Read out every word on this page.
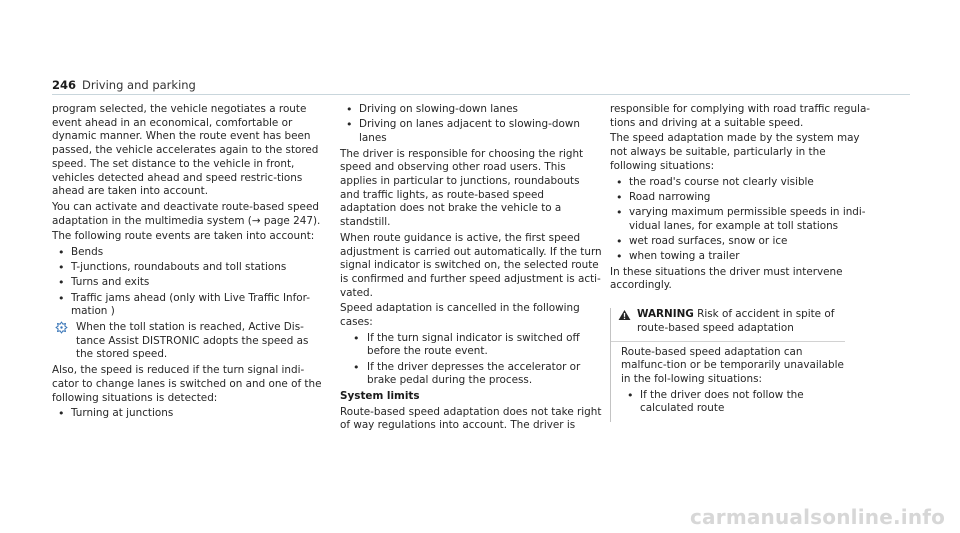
246 Driving and parking

program selected, the vehicle negotiates a route event ahead in an economical, comfortable or dynamic manner. When the route event has been passed, the vehicle accelerates again to the stored speed. The set distance to the vehicle in front, vehicles detected ahead and speed restric-tions ahead are taken into account.

You can activate and deactivate route-based speed adaptation in the multimedia system (→ page 247).

The following route events are taken into account:

• Bends
• T-junctions, roundabouts and toll stations
• Turns and exits
• Traffic jams ahead (only with Live Traffic Infor-mation )
When the toll station is reached, Active Dis-tance Assist DISTRONIC adopts the speed as the stored speed.

Also, the speed is reduced if the turn signal indi-cator to change lanes is switched on and one of the following situations is detected:

• Turning at junctions
• Driving on slowing-down lanes
• Driving on lanes adjacent to slowing-down lanes

The driver is responsible for choosing the right speed and observing other road users. This applies in particular to junctions, roundabouts and traffic lights, as route-based speed adaptation does not brake the vehicle to a standstill.

When route guidance is active, the first speed adjustment is carried out automatically. If the turn signal indicator is switched on, the selected route is confirmed and further speed adjustment is acti-vated.

Speed adaptation is cancelled in the following cases:

• If the turn signal indicator is switched off before the route event.
• If the driver depresses the accelerator or brake pedal during the process.

System limits

Route-based speed adaptation does not take right of way regulations into account. The driver is

responsible for complying with road traffic regula-tions and driving at a suitable speed.

The speed adaptation made by the system may not always be suitable, particularly in the following situations:

• the road's course not clearly visible
• Road narrowing
• varying maximum permissible speeds in indi-vidual lanes, for example at toll stations
• wet road surfaces, snow or ice
• when towing a trailer

In these situations the driver must intervene accordingly.

WARNING Risk of accident in spite of route-based speed adaptation

Route-based speed adaptation can malfunc-tion or be temporarily unavailable in the fol-lowing situations:

• If the driver does not follow the calculated route
carmanualsonline.info
